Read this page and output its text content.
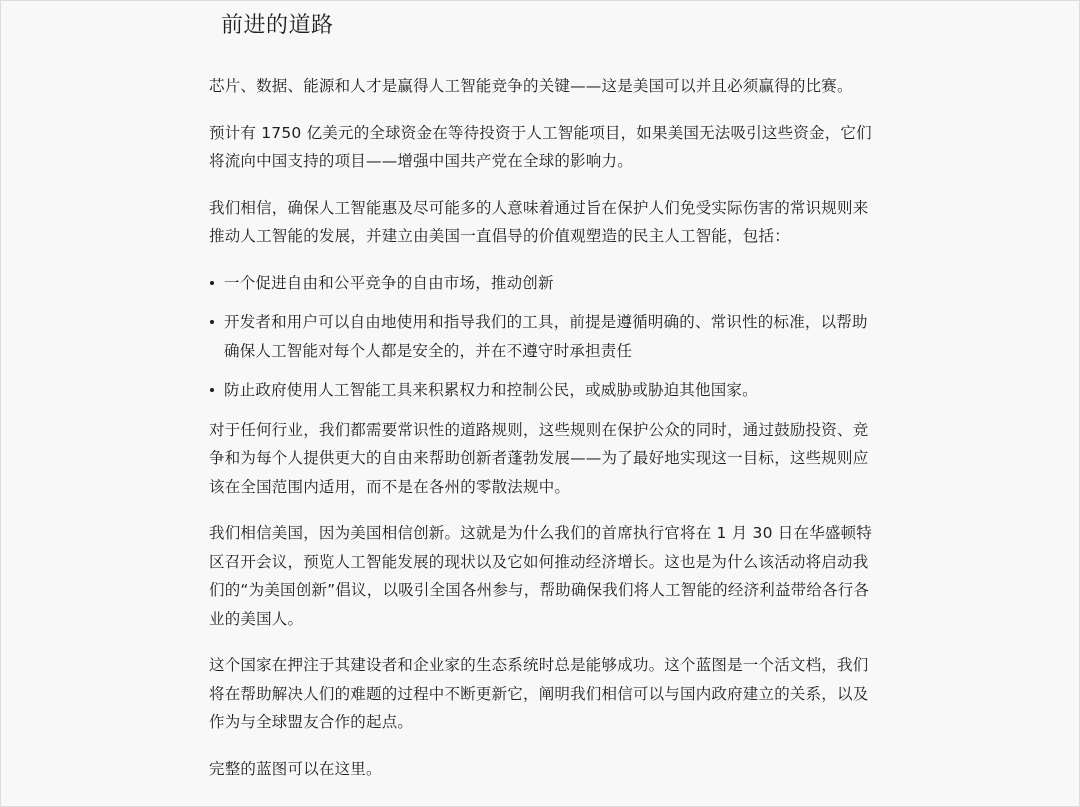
前进的道路

芯片、数据、能源和人才是赢得人工智能竞争的关键——这是美国可以并且必须赢得的比赛。

预计有 1750 亿美元的全球资金在等待投资于人工智能项目，如果美国无法吸引这些资金，它们将流向中国支持的项目——增强中国共产党在全球的影响力。

我们相信，确保人工智能惠及尽可能多的人意味着通过旨在保护人们免受实际伤害的常识规则来推动人工智能的发展，并建立由美国一直倡导的价值观塑造的民主人工智能，包括：

一个促进自由和公平竞争的自由市场，推动创新
开发者和用户可以自由地使用和指导我们的工具，前提是遵循明确的、常识性的标准，以帮助确保人工智能对每个人都是安全的，并在不遵守时承担责任
防止政府使用人工智能工具来积累权力和控制公民，或威胁或胁迫其他国家。

对于任何行业，我们都需要常识性的道路规则，这些规则在保护公众的同时，通过鼓励投资、竞争和为每个人提供更大的自由来帮助创新者蓬勃发展——为了最好地实现这一目标，这些规则应该在全国范围内适用，而不是在各州的零散法规中。

我们相信美国，因为美国相信创新。这就是为什么我们的首席执行官将在 1 月 30 日在华盛顿特区召开会议，预览人工智能发展的现状以及它如何推动经济增长。这也是为什么该活动将启动我们的“为美国创新”倡议，以吸引全国各州参与，帮助确保我们将人工智能的经济利益带给各行各业的美国人。

这个国家在押注于其建设者和企业家的生态系统时总是能够成功。这个蓝图是一个活文档，我们将在帮助解决人们的难题的过程中不断更新它，阐明我们相信可以与国内政府建立的关系，以及作为与全球盟友合作的起点。

完整的蓝图可以在这里。
